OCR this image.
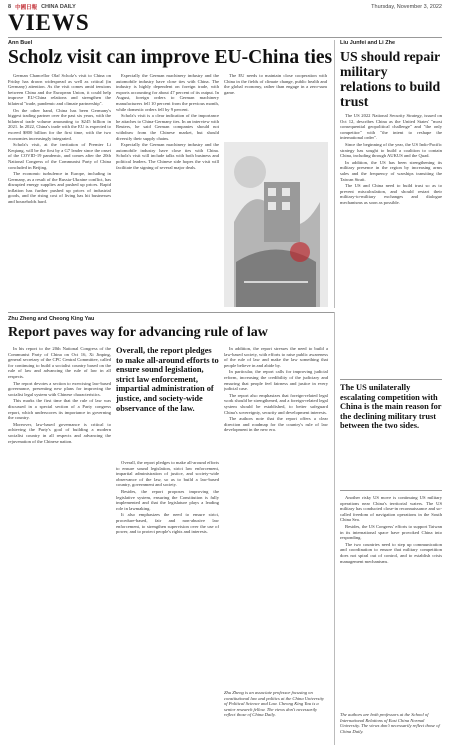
8 中國日報 CHINA DAILY	Thursday, November 3, 2022
VIEWS
Ann Buel
Scholz visit can improve EU-China ties

German Chancellor Olaf Scholz's visit to China on Friday has drawn widespread as well as critical (in Germany) attention. As the visit comes amid tensions between China and the European Union, it could help improve EU-China relations and strengthen the bilateral "trade, pandemic and climate partnership".

On the other hand, China has been Germany's biggest trading partner over the past six years, with the bilateral trade volume amounting to $245 billion in 2021. In 2022, China's trade with the EU is expected to exceed $800 billion for the first time, with the two economies increasingly integrated.

Scholz's visit, at the invitation of Premier Li Keqiang, will be the first by a G7 leader since the onset of the COVID-19 pandemic, and comes after the 20th National Congress of the Communist Party of China concluded in Beijing.

The economic turbulence in Europe, including in Germany, as a result of the Russia-Ukraine conflict, has disrupted energy supplies and pushed up prices. Rapid inflation has further pushed up prices of industrial goods, and the rising cost of living has hit businesses and households hard.

Especially the German machinery industry and the automobile industry have close ties with China. The industry is highly dependent on foreign trade, with exports accounting for about 47 percent of its output. In August, foreign orders to German machinery manufacturers fell 10 percent from the previous month, while domestic orders fell by 9 percent.

Scholz's visit is a clear indication of the importance he attaches to China-Germany ties. In an interview with Reuters, he said German companies should not withdraw from the Chinese market, but should diversify their supply chains.

Especially the German machinery industry and the automobile industry have close ties with China. Scholz's visit will include talks with both business and political leaders. The Chinese side hopes the visit will facilitate the signing of several major deals.

The EU needs to maintain close cooperation with China in the fields of climate change, public health and the global economy, rather than engage in a zero-sum game.

Liu Junfei and Li Zhe
US should repair military relations to build trust

The US 2022 National Security Strategy, issued on Oct 12, describes China as the United States' "most consequential geopolitical challenge" and "the only competitor" with "the intent to reshape the international order".

Since the beginning of the year, the US Indo-Pacific strategy has sought to build a coalition to contain China, including through AUKUS and the Quad.

In addition, the US has been strengthening its military presence in the region by increasing arms sales and the frequency of warships transiting the Taiwan Strait.

The US and China need to build trust so as to prevent miscalculation, and should restart their military-to-military exchanges and dialogue mechanisms as soon as possible.

The US unilaterally escalating competition with China is the main reason for the declining military trust between the two sides.

Another risky US move is continuing US military operations near China's territorial waters. The US military has conducted close-in reconnaissance and so-called freedom of navigation operations in the South China Sea.

Besides, the US Congress' efforts to support Taiwan in its international space have provoked China into responding.

The two countries need to step up communication and coordination to ensure that military competition does not spiral out of control, and to establish crisis management mechanisms.

The authors are both professors at the School of International Relations of East China Normal University. The views don't necessarily reflect those of China Daily.
Zhu Zheng and Cheong King Yau
Report paves way for advancing rule of law

In his report to the 20th National Congress of the Communist Party of China on Oct 16, Xi Jinping, general secretary of the CPC Central Committee, called for continuing to build a socialist country based on the rule of law and advancing the rule of law in all respects.

The report devotes a section to exercising law-based governance, presenting new plans for improving the socialist legal system with Chinese characteristics.

This marks the first time that the rule of law was discussed in a special section of a Party congress report, which underscores its importance in governing the country.

Moreover, law-based governance is critical to achieving the Party's goal of building a modern socialist country in all respects and advancing the rejuvenation of the Chinese nation.

Overall, the report pledges to make all-around efforts to ensure sound legislation, strict law enforcement, impartial administration of justice, and society-wide observance of the law.

Overall, the report pledges to make all-around efforts to ensure sound legislation, strict law enforcement, impartial administration of justice, and society-wide observance of the law, so as to build a law-based country, government and society.

Besides, the report proposes improving the legislative system, ensuring the Constitution is fully implemented and that the legislature plays a leading role in lawmaking.

It also emphasizes the need to ensure strict, procedure-based, fair and non-abusive law enforcement, to strengthen supervision over the use of power, and to protect people's rights and interests.

In addition, the report stresses the need to build a law-based society, with efforts to raise public awareness of the rule of law and make the law something that people believe in and abide by.

In particular, the report calls for improving judicial reform, increasing the credibility of the judiciary and ensuring that people feel fairness and justice in every judicial case.

The report also emphasizes that foreign-related legal work should be strengthened, and a foreign-related legal system should be established, to better safeguard China's sovereignty, security and development interests.

The authors note that the report offers a clear direction and roadmap for the country's rule of law development in the new era.

Zhu Zheng is an associate professor focusing on constitutional law and politics at the China University of Political Science and Law. Cheong King Yau is a senior research fellow. The views don't necessarily reflect those of China Daily.
